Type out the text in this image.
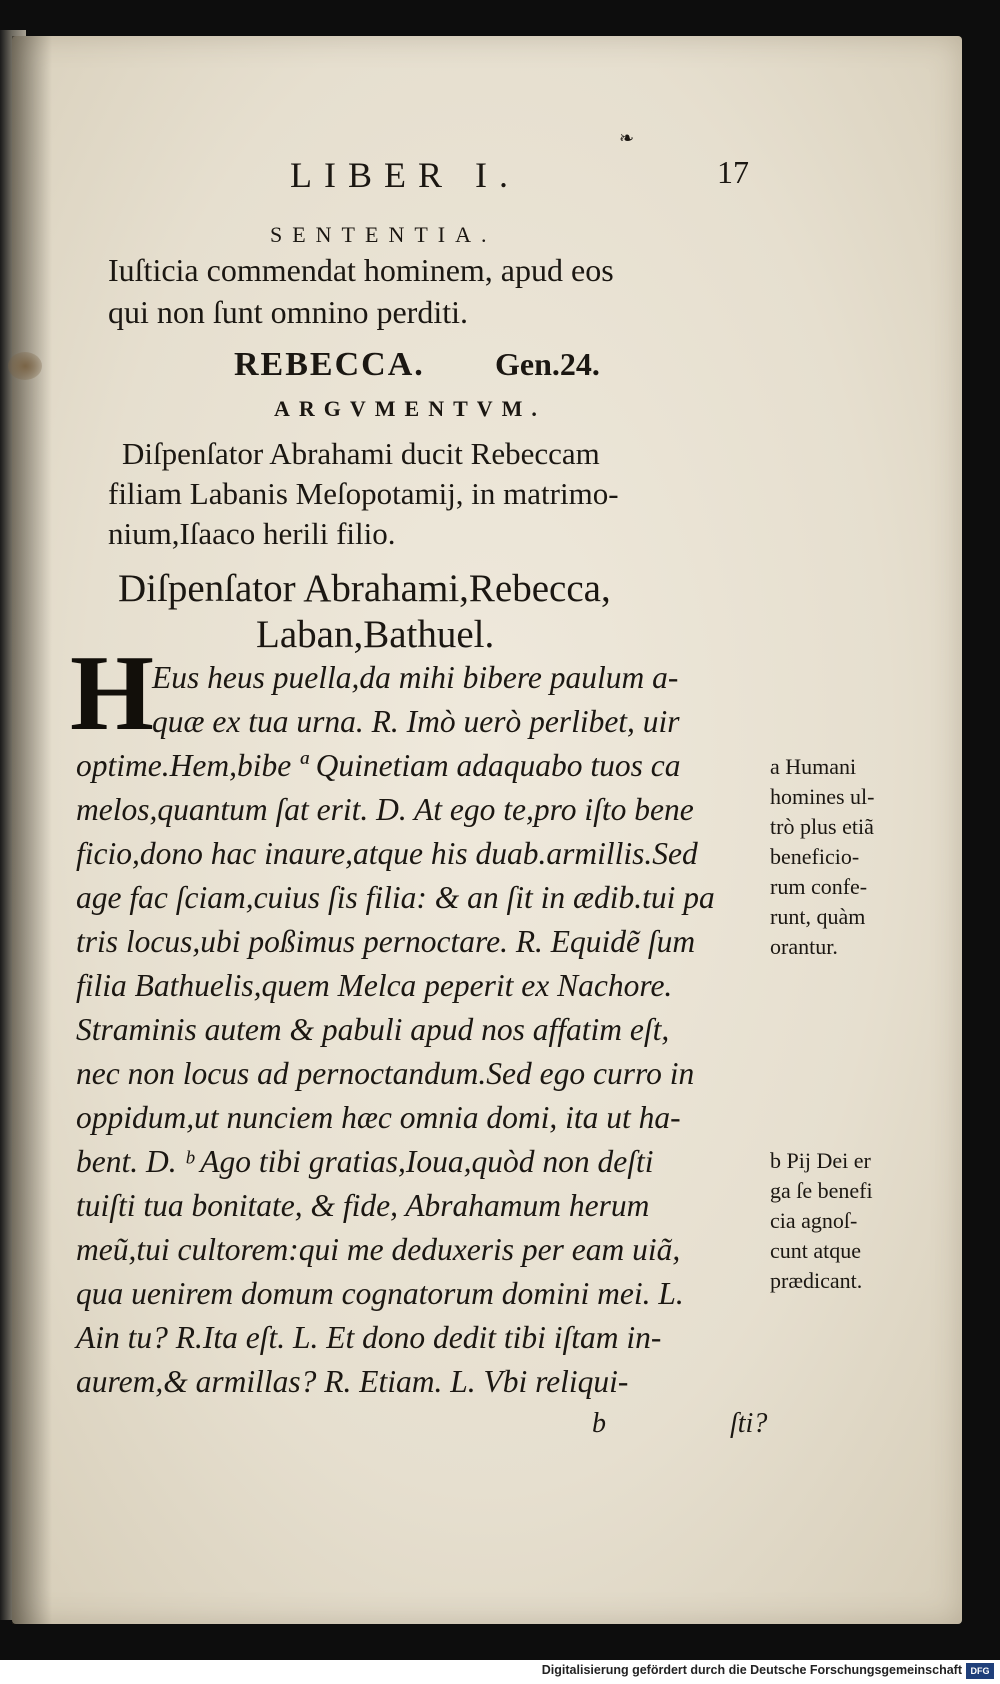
❧
LIBER I.	17
SENTENTIA.
Iuſticia commendat hominem, apud eos
qui non ſunt omnino perditi.
REBECCA. Gen.24.
ARGVMENTVM.
Diſpenſator Abrahami ducit Rebeccam
filiam Labanis Meſopotamij, in matrimo-
nium,Iſaaco herili filio.
Diſpenſator Abrahami,Rebecca,
Laban,Bathuel.
H
Eus heus puella,da mihi bibere paulum a-
quæ ex tua urna. R. Imò uerò perlibet, uir
optime.Hem,bibe ª Quinetiam adaquabo tuos ca
melos,quantum ſat erit. D. At ego te,pro iſto bene
ficio,dono hac inaure,atque his duab.armillis.Sed
age fac ſciam,cuius ſis filia: & an ſit in ædib.tui pa
tris locus,ubi poßimus pernoctare. R. Equidẽ ſum
filia Bathuelis,quem Melca peperit ex Nachore.
Straminis autem & pabuli apud nos affatim eſt,
nec non locus ad pernoctandum.Sed ego curro in
oppidum,ut nunciem hæc omnia domi, ita ut ha-
bent. D. ᵇ Ago tibi gratias,Ioua,quòd non deſti
tuiſti tua bonitate, & fide, Abrahamum herum
meũ,tui cultorem:qui me deduxeris per eam uiã,
qua uenirem domum cognatorum domini mei. L.
Ain tu? R.Ita eſt. L. Et dono dedit tibi iſtam in-
aurem,& armillas? R. Etiam. L. Vbi reliqui-
b	ſti?
a Humani
homines ul-
trò plus etiã
beneficio-
rum confe-
runt, quàm
orantur.
b Pij Dei er
ga ſe benefi
cia agnoſ-
cunt atque
prædicant.
Digitalisierung gefördert durch die Deutsche Forschungsgemeinschaft DFG
